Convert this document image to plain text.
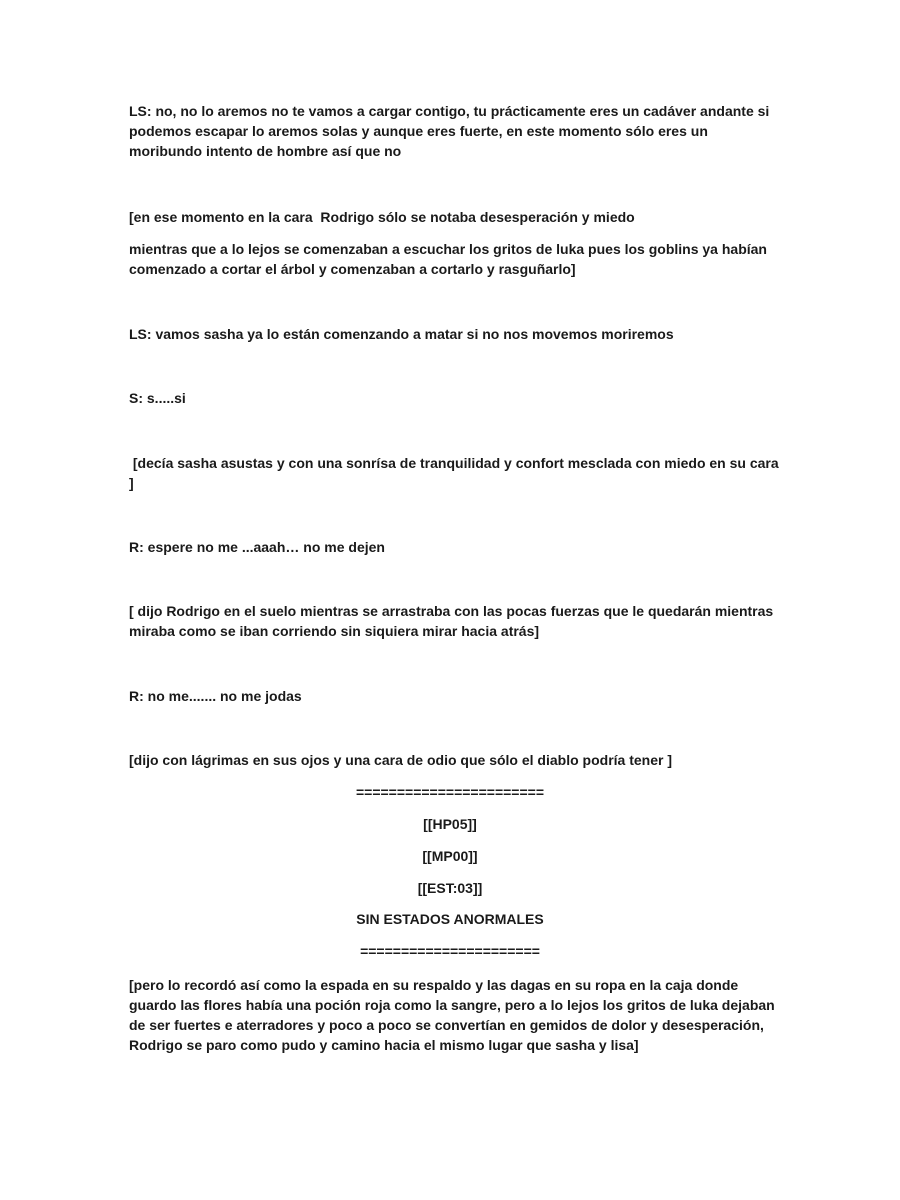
LS: no, no lo aremos no te vamos a cargar contigo, tu prácticamente eres un cadáver andante si podemos escapar lo aremos solas y aunque eres fuerte, en este momento sólo eres un moribundo intento de hombre así que no

[en ese momento en la cara  Rodrigo sólo se notaba desesperación y miedo

mientras que a lo lejos se comenzaban a escuchar los gritos de luka pues los goblins ya habían comenzado a cortar el árbol y comenzaban a cortarlo y rasguñarlo]

LS: vamos sasha ya lo están comenzando a matar si no nos movemos moriremos

S: s.....si

[decía sasha asustas y con una sonrísa de tranquilidad y confort mesclada con miedo en su cara ]

R: espere no me ...aaah… no me dejen

[ dijo Rodrigo en el suelo mientras se arrastraba con las pocas fuerzas que le quedarán mientras miraba como se iban corriendo sin siquiera mirar hacia atrás]

R: no me....... no me jodas

[dijo con lágrimas en sus ojos y una cara de odio que sólo el diablo podría tener ]

=======================

[[HP05]]

[[MP00]]

[[EST:03]]

SIN ESTADOS ANORMALES

======================

[pero lo recordó así como la espada en su respaldo y las dagas en su ropa en la caja donde guardo las flores había una poción roja como la sangre, pero a lo lejos los gritos de luka dejaban de ser fuertes e aterradores y poco a poco se convertían en gemidos de dolor y desesperación, Rodrigo se paro como pudo y camino hacia el mismo lugar que sasha y lisa]
